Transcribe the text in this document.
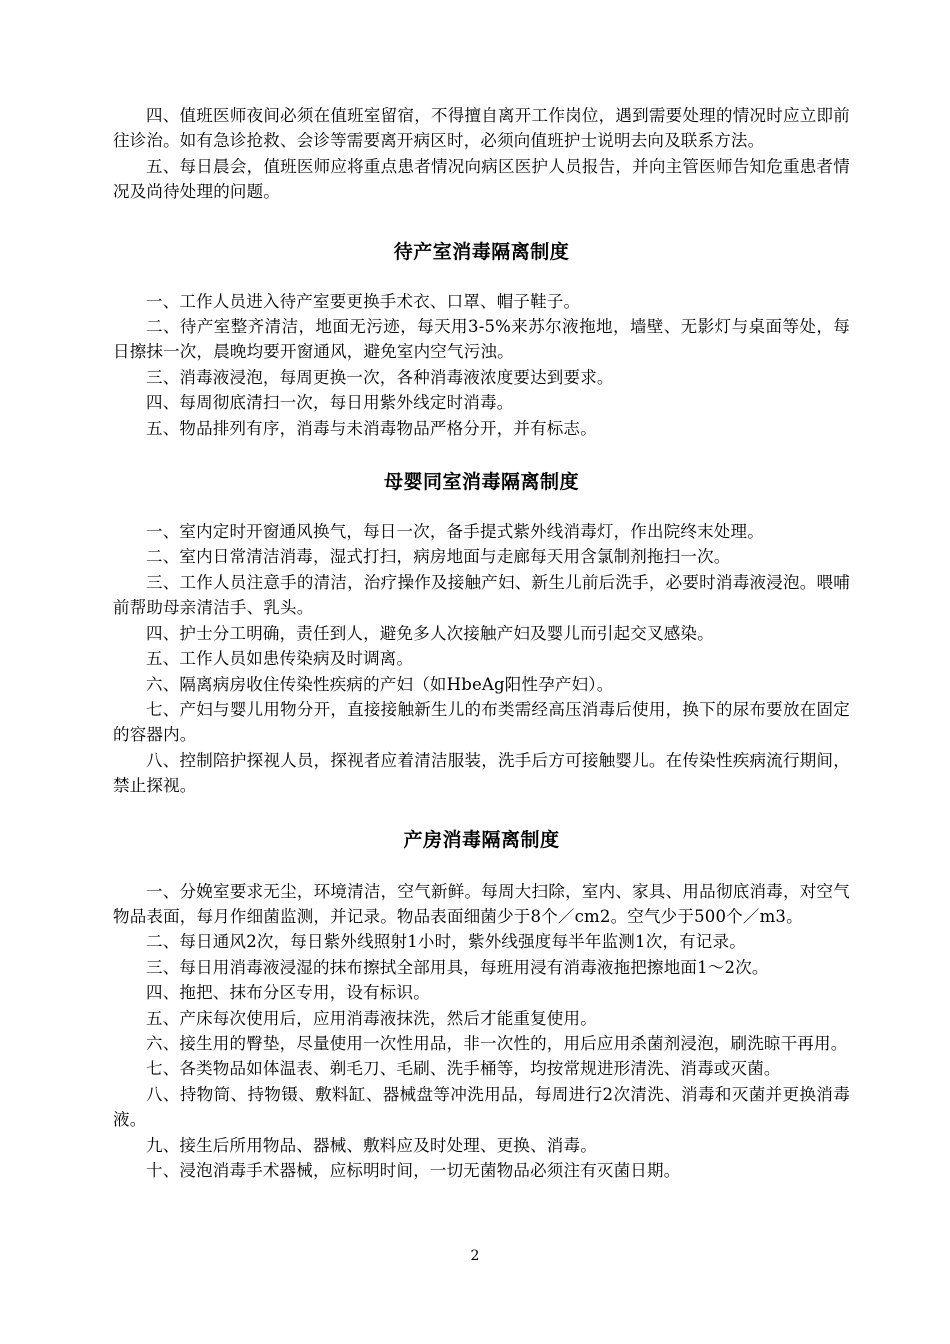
四、值班医师夜间必须在值班室留宿，不得擅自离开工作岗位，遇到需要处理的情况时应立即前往诊治。如有急诊抢救、会诊等需要离开病区时，必须向值班护士说明去向及联系方法。

五、每日晨会，值班医师应将重点患者情况向病区医护人员报告，并向主管医师告知危重患者情况及尚待处理的问题。

待产室消毒隔离制度

一、工作人员进入待产室要更换手术衣、口罩、帽子鞋子。

二、待产室整齐清洁，地面无污迹，每天用3-5%来苏尔液拖地，墙壁、无影灯与桌面等处，每日擦抹一次，晨晚均要开窗通风，避免室内空气污浊。

三、消毒液浸泡，每周更换一次，各种消毒液浓度要达到要求。

四、每周彻底清扫一次，每日用紫外线定时消毒。

五、物品排列有序，消毒与未消毒物品严格分开，并有标志。

母婴同室消毒隔离制度

一、室内定时开窗通风换气，每日一次，备手提式紫外线消毒灯，作出院终末处理。

二、室内日常清洁消毒，湿式打扫，病房地面与走廊每天用含氯制剂拖扫一次。

三、工作人员注意手的清洁，治疗操作及接触产妇、新生儿前后洗手，必要时消毒液浸泡。喂哺前帮助母亲清洁手、乳头。

四、护士分工明确，责任到人，避免多人次接触产妇及婴儿而引起交叉感染。

五、工作人员如患传染病及时调离。

六、隔离病房收住传染性疾病的产妇（如HbeAg阳性孕产妇）。

七、产妇与婴儿用物分开，直接接触新生儿的布类需经高压消毒后使用，换下的尿布要放在固定的容器内。

八、控制陪护探视人员，探视者应着清洁服装，洗手后方可接触婴儿。在传染性疾病流行期间，禁止探视。

产房消毒隔离制度

一、分娩室要求无尘，环境清洁，空气新鲜。每周大扫除，室内、家具、用品彻底消毒，对空气物品表面，每月作细菌监测，并记录。物品表面细菌少于8个／cm2。空气少于500个／m3。

二、每日通风2次，每日紫外线照射1小时，紫外线强度每半年监测1次，有记录。

三、每日用消毒液浸湿的抹布擦拭全部用具，每班用浸有消毒液拖把擦地面1～2次。

四、拖把、抹布分区专用，设有标识。

五、产床每次使用后，应用消毒液抹洗，然后才能重复使用。

六、接生用的臀垫，尽量使用一次性用品，非一次性的，用后应用杀菌剂浸泡，刷洗晾干再用。

七、各类物品如体温表、剃毛刀、毛刷、洗手桶等，均按常规进形清洗、消毒或灭菌。

八、持物筒、持物镊、敷料缸、器械盘等冲洗用品，每周进行2次清洗、消毒和灭菌并更换消毒液。

九、接生后所用物品、器械、敷料应及时处理、更换、消毒。

十、浸泡消毒手术器械，应标明时间，一切无菌物品必须注有灭菌日期。

2
